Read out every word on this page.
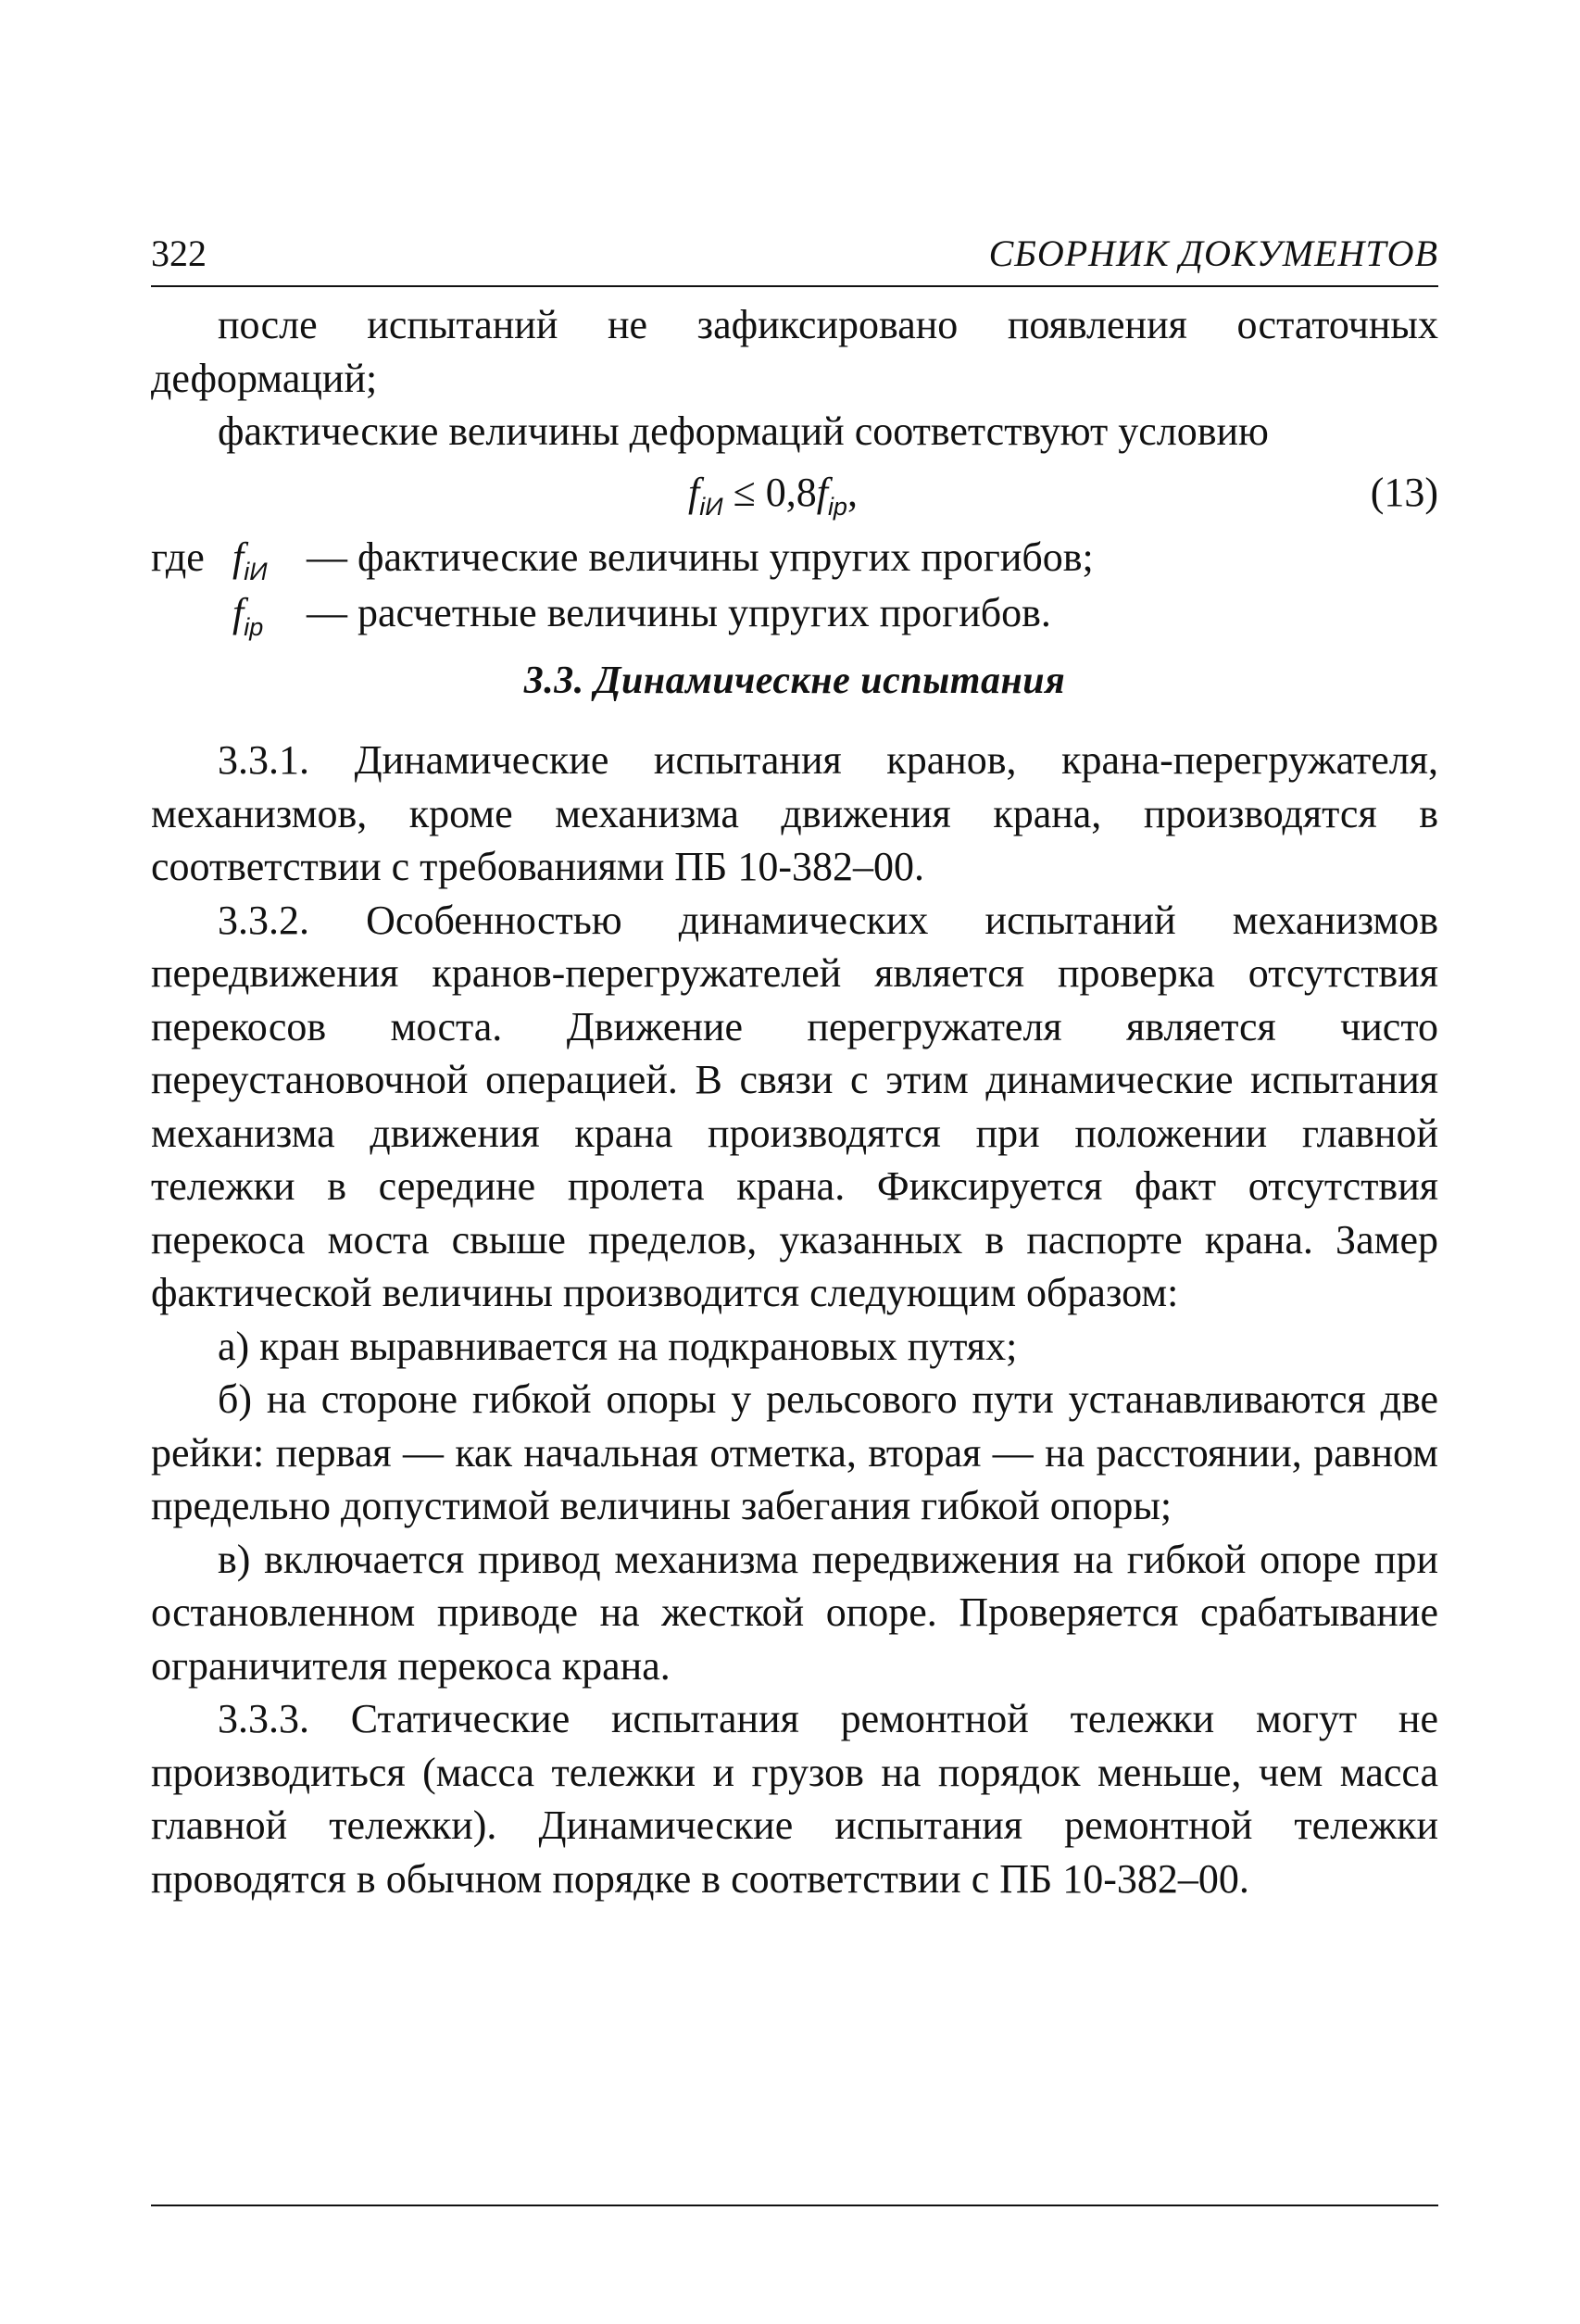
322	СБОРНИК ДОКУМЕНТОВ

после испытаний не зафиксировано появления остаточных деформаций;

фактические величины деформаций соответствуют условию

$f_{iИ} \le 0,8f_{iр}$,	(13)
где $f_{iИ}$ — фактические величины упругих прогибов;
$f_{iр}$	— расчетные величины упругих прогибов.
3.3. Динамическне испытания

3.3.1. Динамические испытания кранов, крана-перегружателя, механизмов, кроме механизма движения крана, производятся в соответствии с требованиями ПБ 10-382–00.

3.3.2. Особенностью динамических испытаний механизмов передвижения кранов-перегружателей является проверка отсутствия перекосов моста. Движение перегружателя является чисто переустановочной операцией. В связи с этим динамические испытания механизма движения крана производятся при положении главной тележки в середине пролета крана. Фиксируется факт отсутствия перекоса моста свыше пределов, указанных в паспорте крана. Замер фактической величины производится следующим образом:

а) кран выравнивается на подкрановых путях;

б) на стороне гибкой опоры у рельсового пути устанавливаются две рейки: первая — как начальная отметка, вторая — на расстоянии, равном предельно допустимой величины забегания гибкой опоры;

в) включается привод механизма передвижения на гибкой опоре при остановленном приводе на жесткой опоре. Проверяется срабатывание ограничителя перекоса крана.

3.3.3. Статические испытания ремонтной тележки могут не производиться (масса тележки и грузов на порядок меньше, чем масса главной тележки). Динамические испытания ремонтной тележки проводятся в обычном порядке в соответствии с ПБ 10-382–00.
